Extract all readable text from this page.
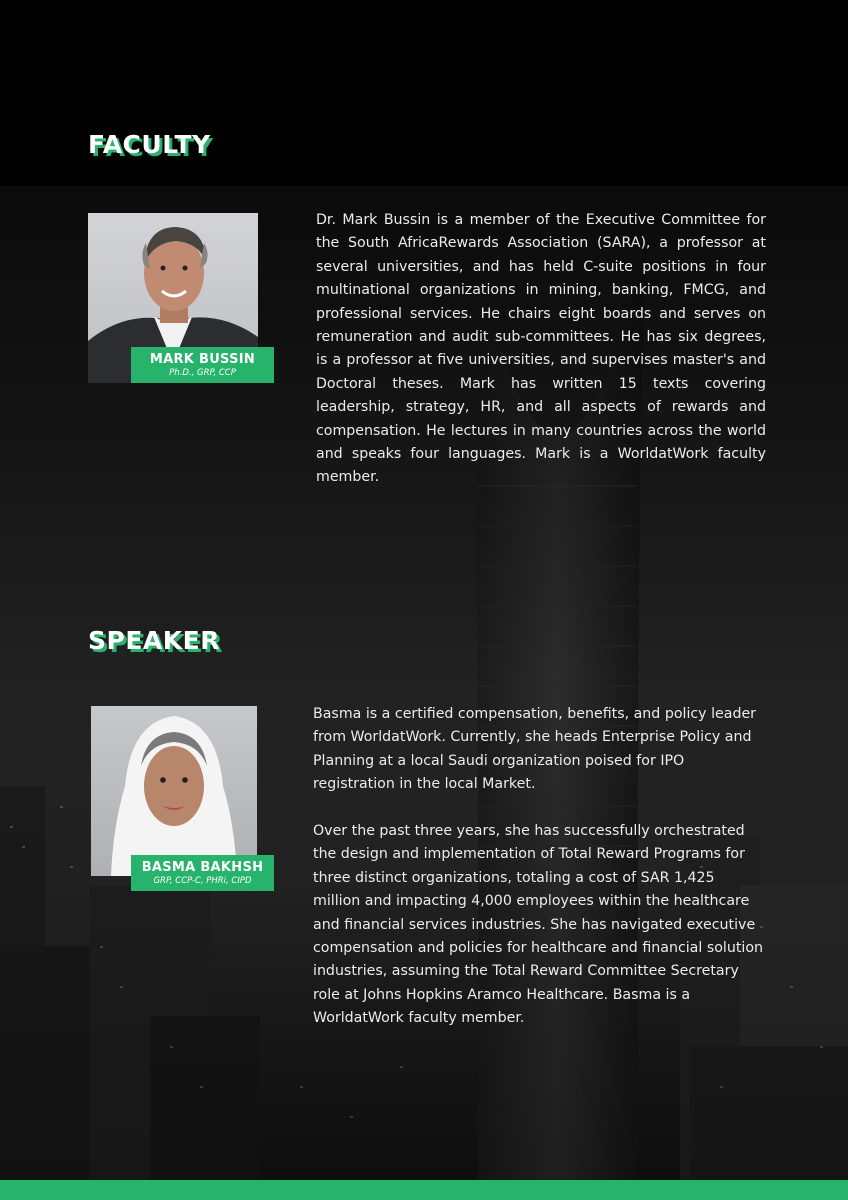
FACULTY
MARK BUSSIN
Ph.D., GRP, CCP

Dr. Mark Bussin is a member of the Executive Committee for the South AfricaRewards Association (SARA), a professor at several universities, and has held C-suite positions in four multinational organizations in mining, banking, FMCG, and professional services. He chairs eight boards and serves on remuneration and audit sub-committees. He has six degrees, is a professor at five universities, and supervises master's and Doctoral theses. Mark has written 15 texts covering leadership, strategy, HR, and all aspects of rewards and compensation. He lectures in many countries across the world and speaks four languages. Mark is a WorldatWork faculty member.

SPEAKER
BASMA BAKHSH
GRP, CCP-C, PHRi, CIPD

Basma is a certified compensation, benefits, and policy leader from WorldatWork. Currently, she heads Enterprise Policy and Planning at a local Saudi organization poised for IPO registration in the local Market.

Over the past three years, she has successfully orchestrated the design and implementation of Total Reward Programs for three distinct organizations, totaling a cost of SAR 1,425 million and impacting 4,000 employees within the healthcare and financial services industries. She has navigated executive compensation and policies for healthcare and financial solution industries, assuming the Total Reward Committee Secretary role at Johns Hopkins Aramco Healthcare. Basma is a WorldatWork faculty member.
